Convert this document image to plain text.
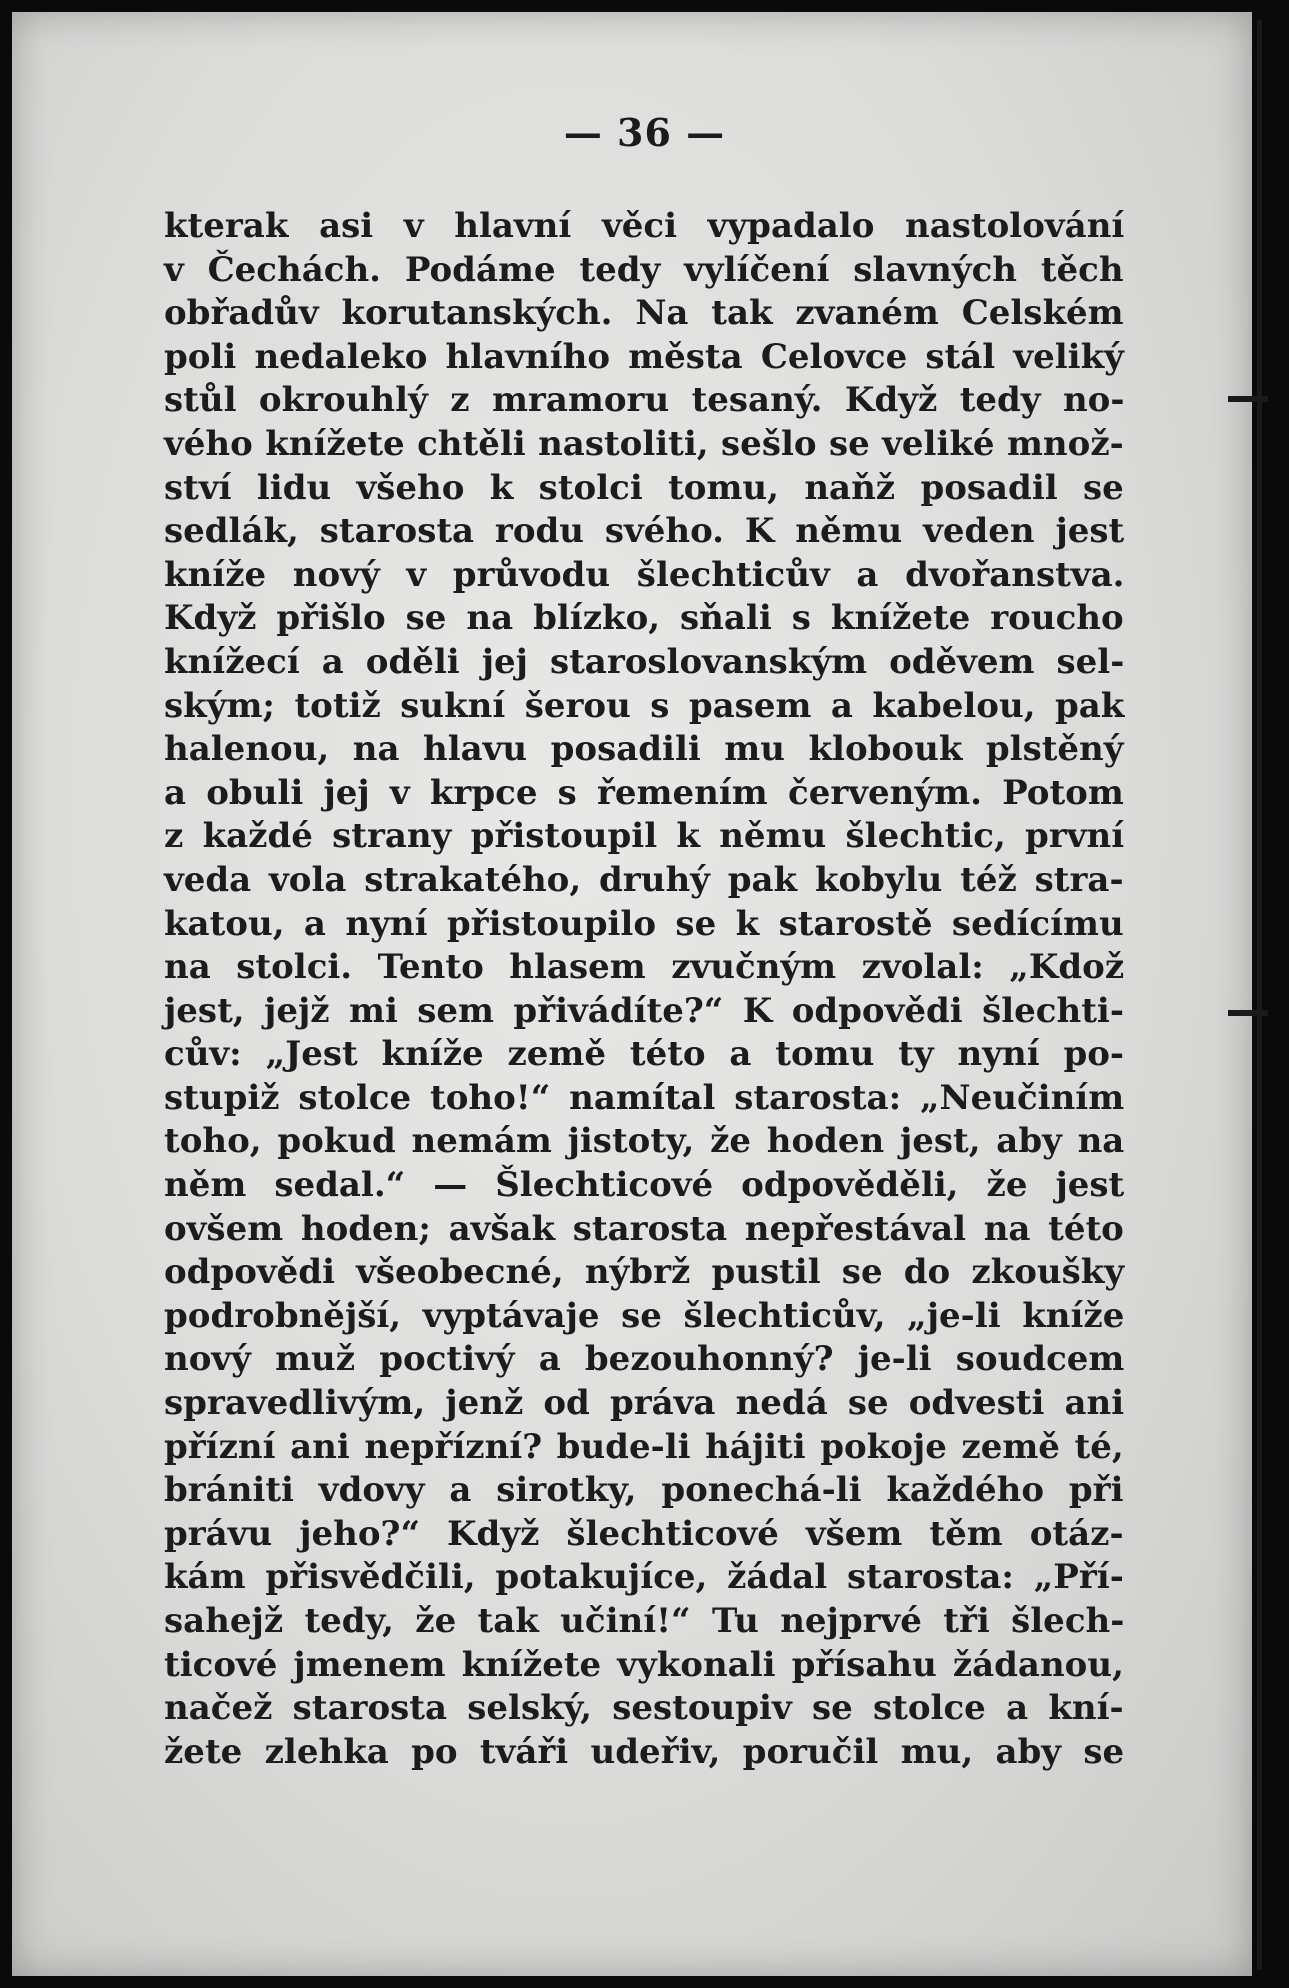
— 36 —
kterak asi v hlavní věci vypadalo nastolování
v Čechách. Podáme tedy vylíčení slavných těch
obřadův korutanských. Na tak zvaném Celském
poli nedaleko hlavního města Celovce stál veliký
stůl okrouhlý z mramoru tesaný. Když tedy no-
vého knížete chtěli nastoliti, sešlo se veliké množ-
ství lidu všeho k stolci tomu, naňž posadil se
sedlák, starosta rodu svého. K němu veden jest
kníže nový v průvodu šlechticův a dvořanstva.
Když přišlo se na blízko, sňali s knížete roucho
knížecí a oděli jej staroslovanským oděvem sel-
ským; totiž sukní šerou s pasem a kabelou, pak
halenou, na hlavu posadili mu klobouk plstěný
a obuli jej v krpce s řemením červeným. Potom
z každé strany přistoupil k němu šlechtic, první
veda vola strakatého, druhý pak kobylu též stra-
katou, a nyní přistoupilo se k starostě sedícímu
na stolci. Tento hlasem zvučným zvolal: „Kdož
jest, jejž mi sem přivádíte?“ K odpovědi šlechti-
cův: „Jest kníže země této a tomu ty nyní po-
stupiž stolce toho!“ namítal starosta: „Neučiním
toho, pokud nemám jistoty, že hoden jest, aby na
něm sedal.“ — Šlechticové odpověděli, že jest
ovšem hoden; avšak starosta nepřestával na této
odpovědi všeobecné, nýbrž pustil se do zkoušky
podrobnější, vyptávaje se šlechticův, „je-li kníže
nový muž poctivý a bezouhonný? je-li soudcem
spravedlivým, jenž od práva nedá se odvesti ani
přízní ani nepřízní? bude-li hájiti pokoje země té,
brániti vdovy a sirotky, ponechá-li každého při
právu jeho?“ Když šlechticové všem těm otáz-
kám přisvědčili, potakujíce, žádal starosta: „Pří-
sahejž tedy, že tak učiní!“ Tu nejprvé tři šlech-
ticové jmenem knížete vykonali přísahu žádanou,
načež starosta selský, sestoupiv se stolce a kní-
žete zlehka po tváři udeřiv, poručil mu, aby se
